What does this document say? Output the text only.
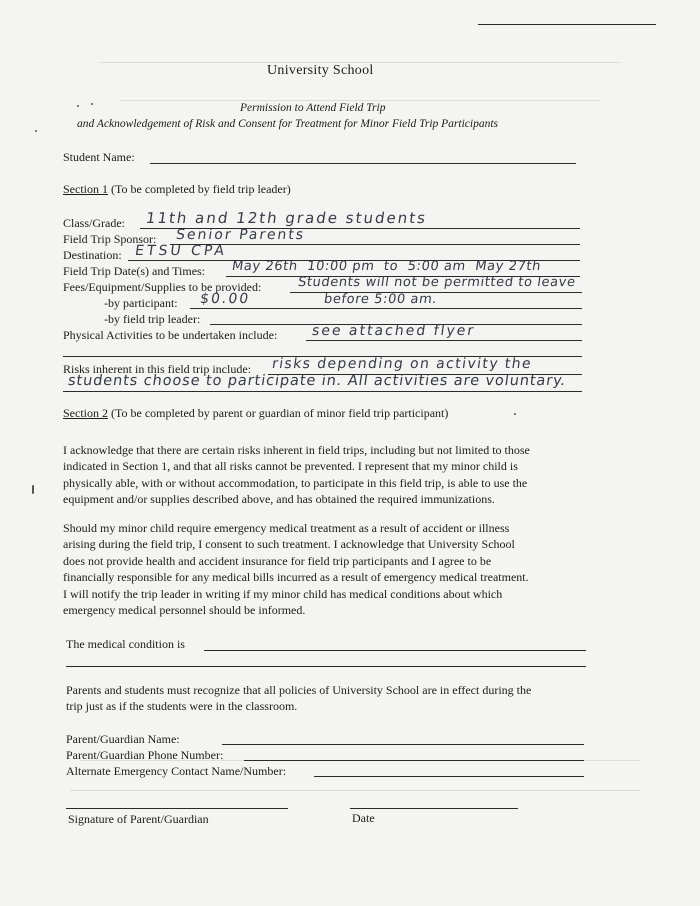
University School
Permission to Attend Field Trip
and Acknowledgement of Risk and Consent for Treatment for Minor Field Trip Participants
Student Name:
Section 1 (To be completed by field trip leader)
Class/Grade: 11th and 12th grade students
Field Trip Sponsor: Senior Parents
Destination: ETSU CPA
Field Trip Date(s) and Times: May 26th  10:00 pm  to  5:00 am  May 27th
Fees/Equipment/Supplies to be provided:	Students will not be permitted to leave
-by participant: $0.00	before 5:00 am.
-by field trip leader:
Physical Activities to be undertaken include: see attached flyer
Risks inherent in this field trip include: risks depending on activity the
students choose to participate in. All activities are voluntary.
Section 2 (To be completed by parent or guardian of minor field trip participant)
I acknowledge that there are certain risks inherent in field trips, including but not limited to those
indicated in Section 1, and that all risks cannot be prevented. I represent that my minor child is
physically able, with or without accommodation, to participate in this field trip, is able to use the
equipment and/or supplies described above, and has obtained the required immunizations.
Should my minor child require emergency medical treatment as a result of accident or illness
arising during the field trip, I consent to such treatment. I acknowledge that University School
does not provide health and accident insurance for field trip participants and I agree to be
financially responsible for any medical bills incurred as a result of emergency medical treatment.
I will notify the trip leader in writing if my minor child has medical conditions about which
emergency medical personnel should be informed.
The medical condition is
Parents and students must recognize that all policies of University School are in effect during the
trip just as if the students were in the classroom.
Parent/Guardian Name:
Parent/Guardian Phone Number:
Alternate Emergency Contact Name/Number:
Signature of Parent/Guardian	Date
